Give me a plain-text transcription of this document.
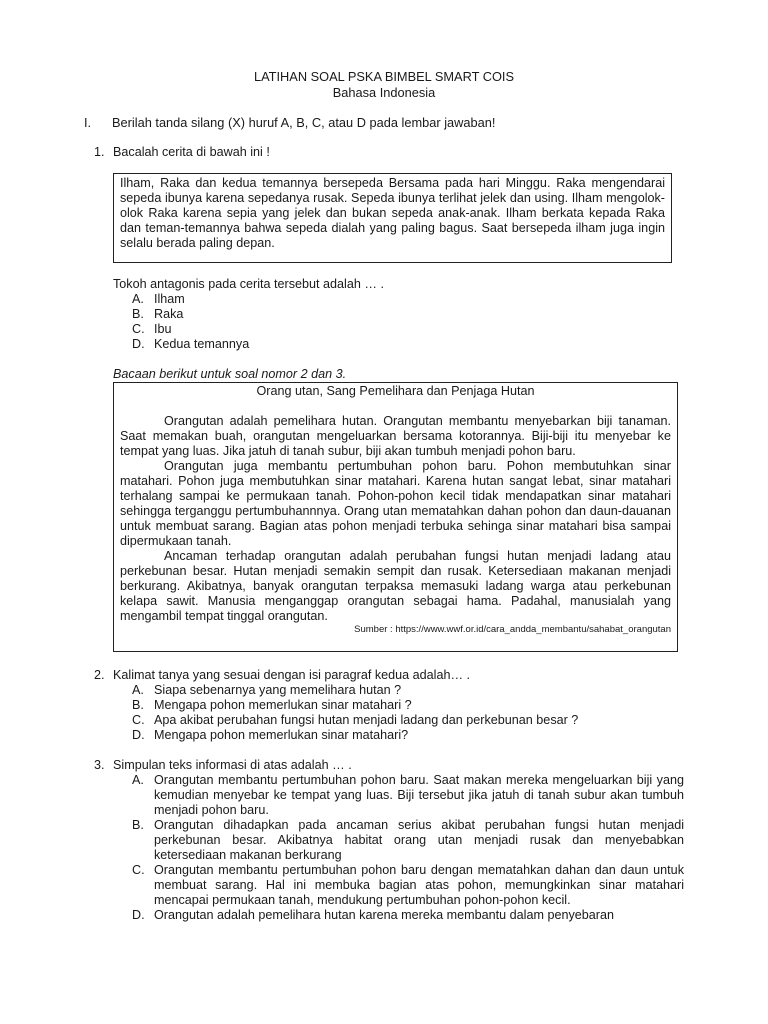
LATIHAN SOAL PSKA BIMBEL SMART COIS
Bahasa Indonesia
I. Berilah tanda silang (X) huruf A, B, C, atau D pada lembar jawaban!
1. Bacalah cerita di bawah ini !

Ilham, Raka dan kedua temannya bersepeda Bersama pada hari Minggu. Raka mengendarai sepeda ibunya karena sepedanya rusak. Sepeda ibunya terlihat jelek dan using. Ilham mengolok-olok Raka karena sepia yang jelek dan bukan sepeda anak-anak. Ilham berkata kepada Raka dan teman-temannya bahwa sepeda dialah yang paling bagus. Saat bersepeda ilham juga ingin selalu berada paling depan.

Tokoh antagonis pada cerita tersebut adalah … .
A. Ilham
B. Raka
C. Ibu
D. Kedua temannya
Bacaan berikut untuk soal nomor 2 dan 3.

Orang utan, Sang Pemelihara dan Penjaga Hutan

Orangutan adalah pemelihara hutan. Orangutan membantu menyebarkan biji tanaman. Saat memakan buah, orangutan mengeluarkan bersama kotorannya. Biji-biji itu menyebar ke tempat yang luas. Jika jatuh di tanah subur, biji akan tumbuh menjadi pohon baru.

Orangutan juga membantu pertumbuhan pohon baru. Pohon membutuhkan sinar matahari. Pohon juga membutuhkan sinar matahari. Karena hutan sangat lebat, sinar matahari terhalang sampai ke permukaan tanah. Pohon-pohon kecil tidak mendapatkan sinar matahari sehingga terganggu pertumbuhannnya. Orang utan mematahkan dahan pohon dan daun-dauanan untuk membuat sarang. Bagian atas pohon menjadi terbuka sehinga sinar matahari bisa sampai dipermukaan tanah.

Ancaman terhadap orangutan adalah perubahan fungsi hutan menjadi ladang atau perkebunan besar. Hutan menjadi semakin sempit dan rusak. Ketersediaan makanan menjadi berkurang. Akibatnya, banyak orangutan terpaksa memasuki ladang warga atau perkebunan kelapa sawit. Manusia menganggap orangutan sebagai hama. Padahal, manusialah yang mengambil tempat tinggal orangutan.

Sumber : https://www.wwf.or.id/cara_andda_membantu/sahabat_orangutan

2. Kalimat tanya yang sesuai dengan isi paragraf kedua adalah… .
A. Siapa sebenarnya yang memelihara hutan ?
B. Mengapa pohon memerlukan sinar matahari ?
C. Apa akibat perubahan fungsi hutan menjadi ladang dan perkebunan besar ?
D. Mengapa pohon memerlukan sinar matahari?
3. Simpulan teks informasi di atas adalah … .
A. Orangutan membantu pertumbuhan pohon baru. Saat makan mereka mengeluarkan biji yang kemudian menyebar ke tempat yang luas. Biji tersebut jika jatuh di tanah subur akan tumbuh menjadi pohon baru.
B. Orangutan dihadapkan pada ancaman serius akibat perubahan fungsi hutan menjadi perkebunan besar. Akibatnya habitat orang utan menjadi rusak dan menyebabkan ketersediaan makanan berkurang
C. Orangutan membantu pertumbuhan pohon baru dengan mematahkan dahan dan daun untuk membuat sarang. Hal ini membuka bagian atas pohon, memungkinkan sinar matahari mencapai permukaan tanah, mendukung pertumbuhan pohon-pohon kecil.
D. Orangutan adalah pemelihara hutan karena mereka membantu dalam penyebaran
